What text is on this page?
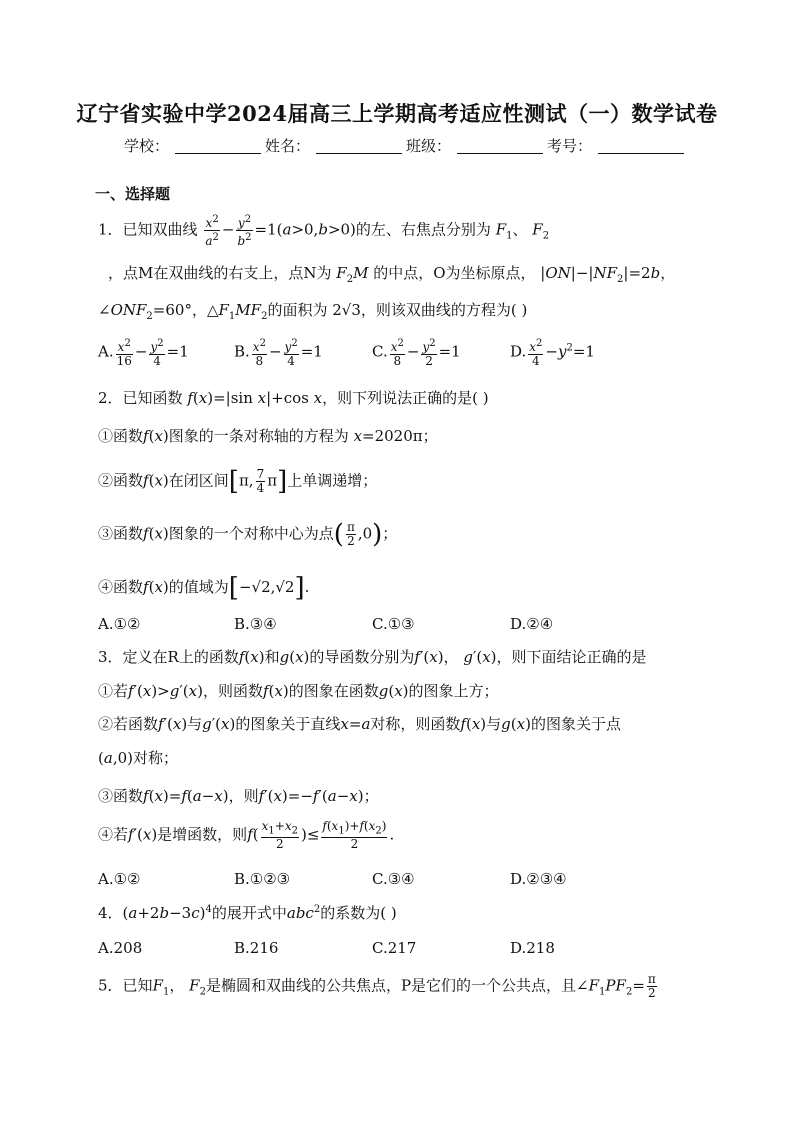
辽宁省实验中学2024届高三上学期高考适应性测试（一）数学试卷
学校：	姓名：	班级：	考号：
一、选择题
1．已知双曲线 $\frac{x^2}{a^2} - \frac{y^2}{b^2} =1(a>0,b>0)$的左、右焦点分别为 $F_1$、 $F_2$
，点M在双曲线的右支上，点N为 $F_2M$ 的中点，O为坐标原点， $|ON|-|NF_2|=2b$，
$\angle ONF_2=60^\circ$，$\triangle F_1MF_2$的面积为 2√3，则该双曲线的方程为( )
A. $\frac{x^2}{16} - \frac{y^2}{4} =1$	B. $\frac{x^2}{8} - \frac{y^2}{4} =1$	C. $\frac{x^2}{8} - \frac{y^2}{2} =1$	D. $\frac{x^2}{4} -y^2=1$
2．已知函数 f(x)=|sin x|+cos x，则下列说法正确的是( )
①函数f(x)图象的一条对称轴的方程为 x=2020π；
②函数f(x)在闭区间[π, $\frac{7}{4} \pi$]上单调递增；
③函数f(x)图象的一个对称中心为点( $\frac{\pi}{2} ,0$)；
④函数f(x)的值域为[−√2,√2].
A.①②	B.③④	C.①③	D.②④
3．定义在R上的函数f(x)和g(x)的导函数分别为f′(x)， g′(x)，则下面结论正确的是
①若f′(x)>g′(x)，则函数f(x)的图象在函数g(x)的图象上方；
②若函数f′(x)与g′(x)的图象关于直线x=a对称，则函数f(x)与g(x)的图象关于点
(a,0)对称；
③函数f(x)=f(a−x)，则f′(x)=−f′(a−x)；
④若f′(x)是增函数，则$f( \frac{x_1+x_2}{2}$ )≤ $\frac{f(x_1)+f(x_2)}{2}$ .
A.①②	B.①②③	C.③④	D.②③④
4．$(a+2b-3c)^4$的展开式中abc$^2$的系数为( )
A.208	B.216	C.217	D.218
5．已知$F_1$， $F_2$是椭圆和双曲线的公共焦点，P是它们的一个公共点，且$\angle F_1PF_2= \frac{\pi}{2}$
